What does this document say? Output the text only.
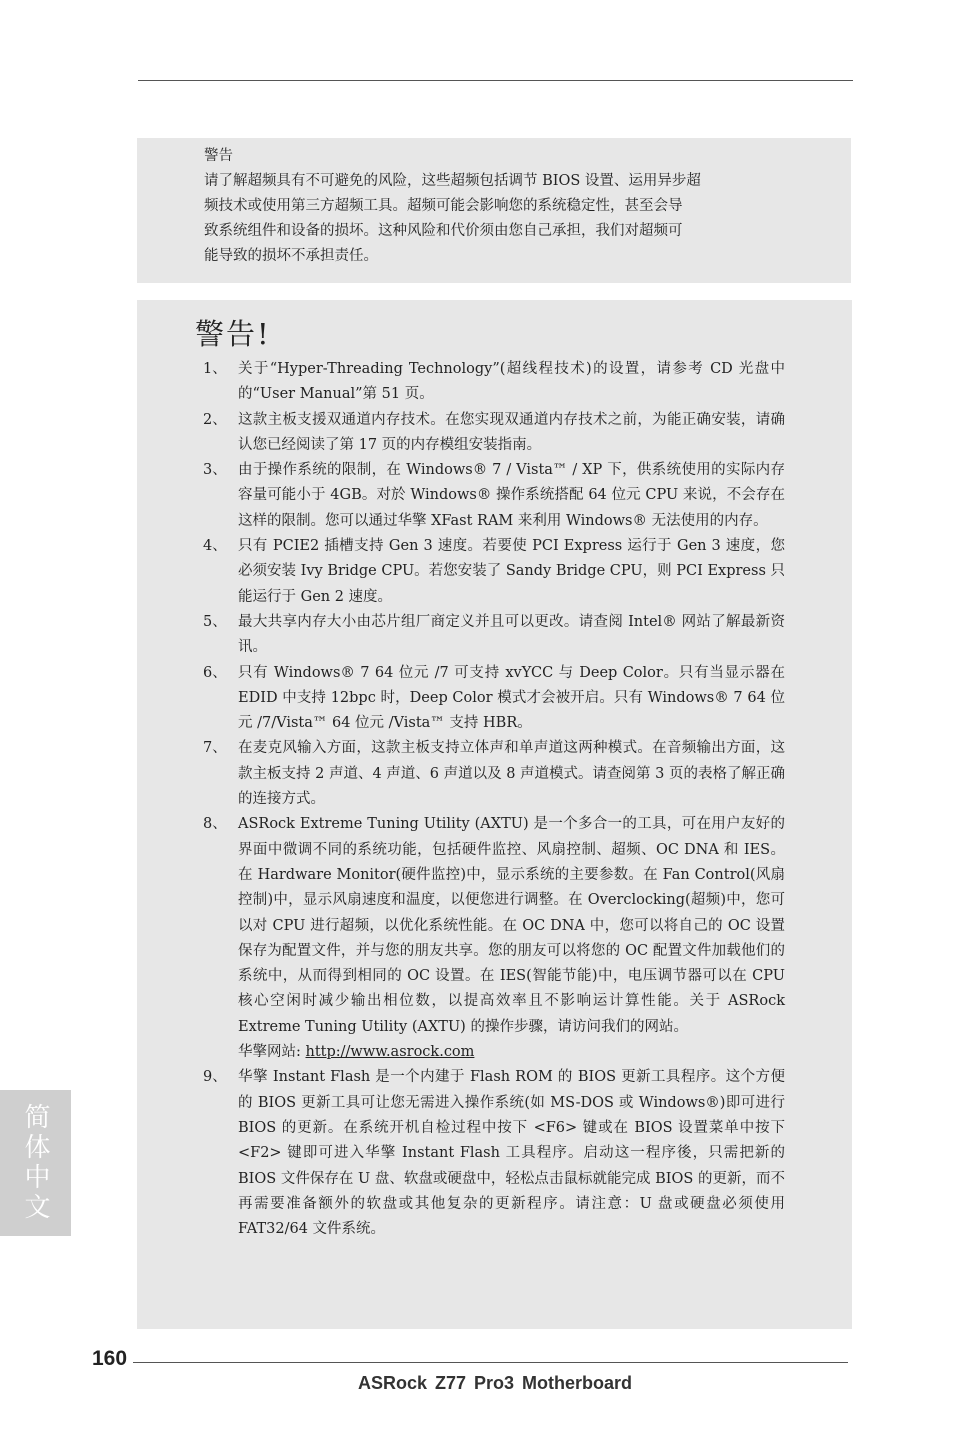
警告
请了解超频具有不可避免的风险，这些超频包括调节 BIOS 设置、运用异步超
频技术或使用第三方超频工具。超频可能会影响您的系统稳定性，甚至会导
致系统组件和设备的损坏。这种风险和代价须由您自己承担，我们对超频可
能导致的损坏不承担责任。
警告!
1、 关于“Hyper-Threading Technology”(超线程技术)的设置，请参考 CD 光盘中的“User Manual”第 51 页。
2、 这款主板支援双通道内存技术。在您实现双通道内存技术之前，为能正确安装，请确认您已经阅读了第 17 页的内存模组安装指南。
3、 由于操作系统的限制，在 Windows® 7 / Vista™ / XP 下，供系统使用的实际内存容量可能小于 4GB。对於 Windows® 操作系统搭配 64 位元 CPU 来说，不会存在这样的限制。您可以通过华擎 XFast RAM 来利用 Windows® 无法使用的内存。
4、 只有 PCIE2 插槽支持 Gen 3 速度。若要使 PCI Express 运行于 Gen 3 速度，您必须安装 Ivy Bridge CPU。若您安装了 Sandy Bridge CPU，则 PCI Express 只能运行于 Gen 2 速度。
5、 最大共享内存大小由芯片组厂商定义并且可以更改。请查阅 Intel® 网站了解最新资讯。
6、 只有 Windows® 7 64 位元 /7 可支持 xvYCC 与 Deep Color。只有当显示器在 EDID 中支持 12bpc 时，Deep Color 模式才会被开启。只有 Windows® 7 64 位元 /7/Vista™ 64 位元 /Vista™ 支持 HBR。
7、 在麦克风输入方面，这款主板支持立体声和单声道这两种模式。在音频输出方面，这款主板支持 2 声道、4 声道、6 声道以及 8 声道模式。请查阅第 3 页的表格了解正确的连接方式。
8、 ASRock Extreme Tuning Utility (AXTU) 是一个多合一的工具，可在用户友好的界面中微调不同的系统功能，包括硬件监控、风扇控制、超频、OC DNA 和 IES。在 Hardware Monitor(硬件监控)中，显示系统的主要参数。在 Fan Control(风扇控制)中，显示风扇速度和温度，以便您进行调整。在 Overclocking(超频)中，您可以对 CPU 进行超频，以优化系统性能。在 OC DNA 中，您可以将自己的 OC 设置保存为配置文件，并与您的朋友共享。您的朋友可以将您的 OC 配置文件加载他们的系统中，从而得到相同的 OC 设置。在 IES(智能节能)中，电压调节器可以在 CPU 核心空闲时减少输出相位数，以提高效率且不影响运计算性能。关于 ASRock Extreme Tuning Utility (AXTU) 的操作步骤，请访问我们的网站。
华擎网站: http://www.asrock.com
9、 华擎 Instant Flash 是一个内建于 Flash ROM 的 BIOS 更新工具程序。这个方便的 BIOS 更新工具可让您无需进入操作系统(如 MS-DOS 或 Windows®)即可进行 BIOS 的更新。在系统开机自检过程中按下 <F6> 键或在 BIOS 设置菜单中按下 <F2> 键即可进入华擎 Instant Flash 工具程序。启动这一程序後，只需把新的 BIOS 文件保存在 U 盘、软盘或硬盘中，轻松点击鼠标就能完成 BIOS 的更新，而不再需要准备额外的软盘或其他复杂的更新程序。请注意：U 盘或硬盘必须使用 FAT32/64 文件系统。
简体中文
160
ASRock Z77 Pro3 Motherboard
